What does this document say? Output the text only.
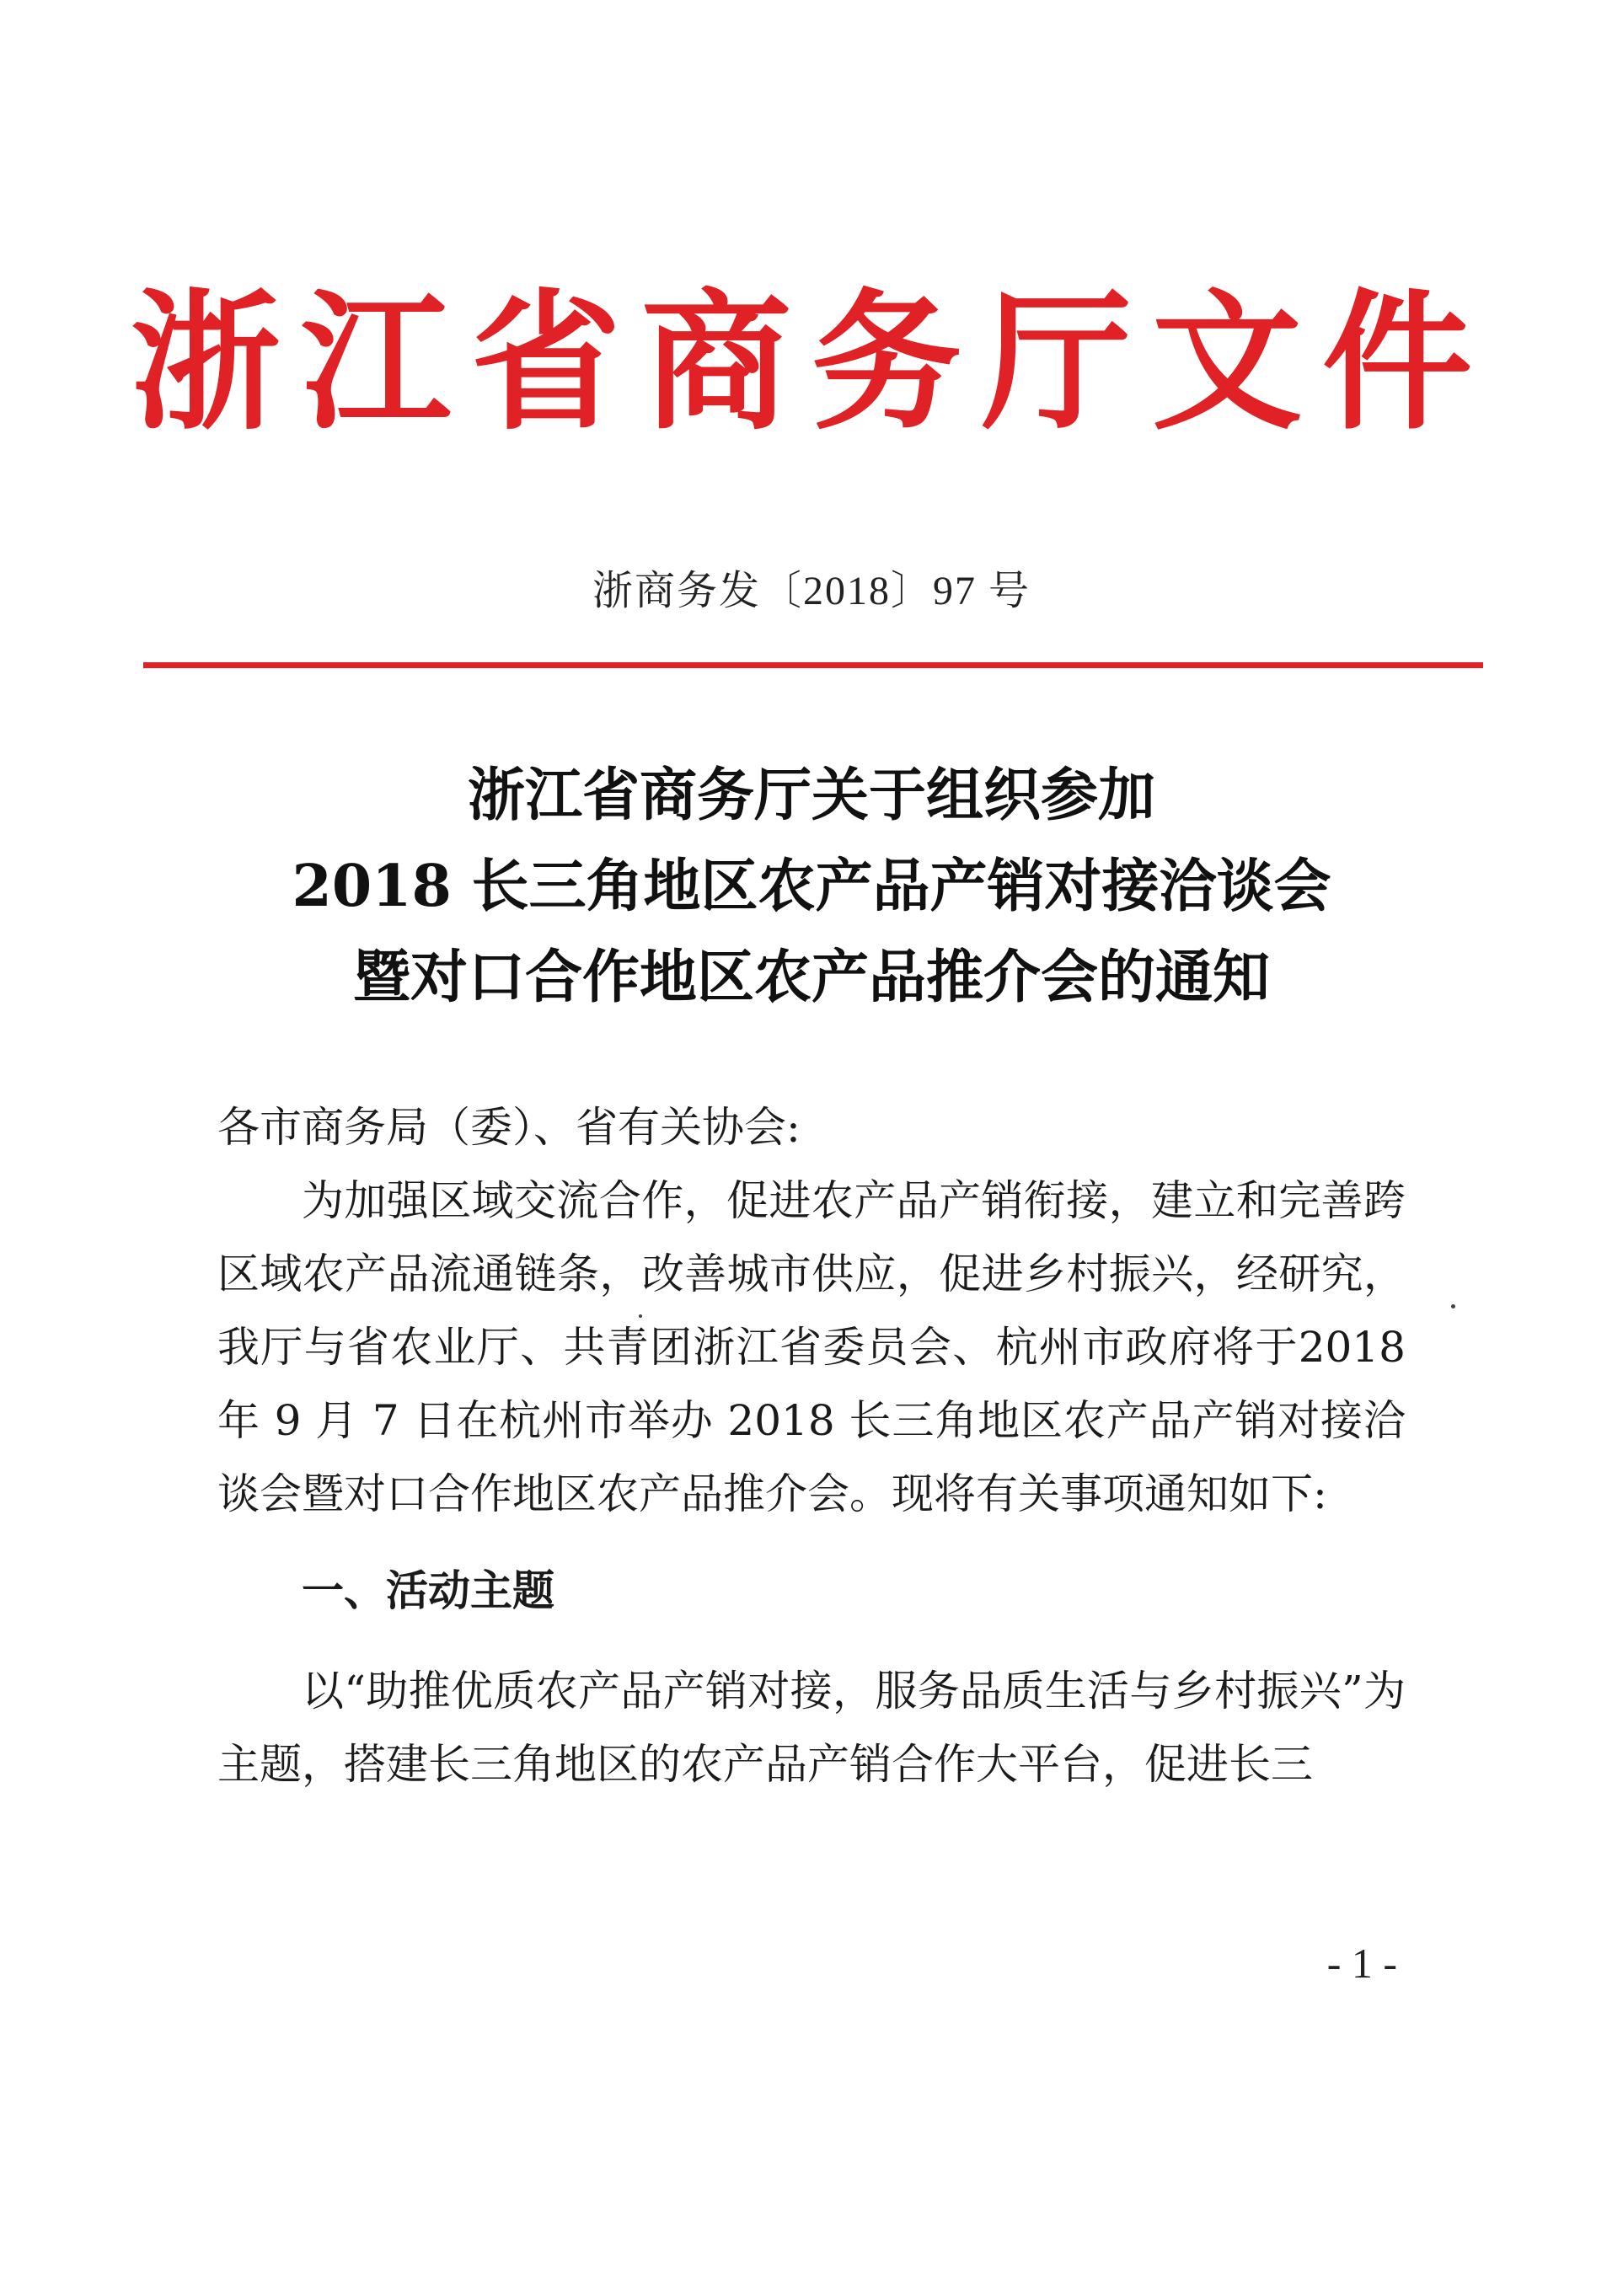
浙江省商务厅文件
浙商务发〔2018〕97 号
浙江省商务厅关于组织参加
2018 长三角地区农产品产销对接洽谈会
暨对口合作地区农产品推介会的通知

各市商务局（委）、省有关协会:

为加强区域交流合作，促进农产品产销衔接，建立和完善跨区域农产品流通链条，改善城市供应，促进乡村振兴，经研究，我厅与省农业厅、共青团浙江省委员会、杭州市政府将于2018 年 9 月 7 日在杭州市举办 2018 长三角地区农产品产销对接洽谈会暨对口合作地区农产品推介会。现将有关事项通知如下:

一、活动主题

以“助推优质农产品产销对接，服务品质生活与乡村振兴”为主题，搭建长三角地区的农产品产销合作大平台，促进长三

- 1 -
